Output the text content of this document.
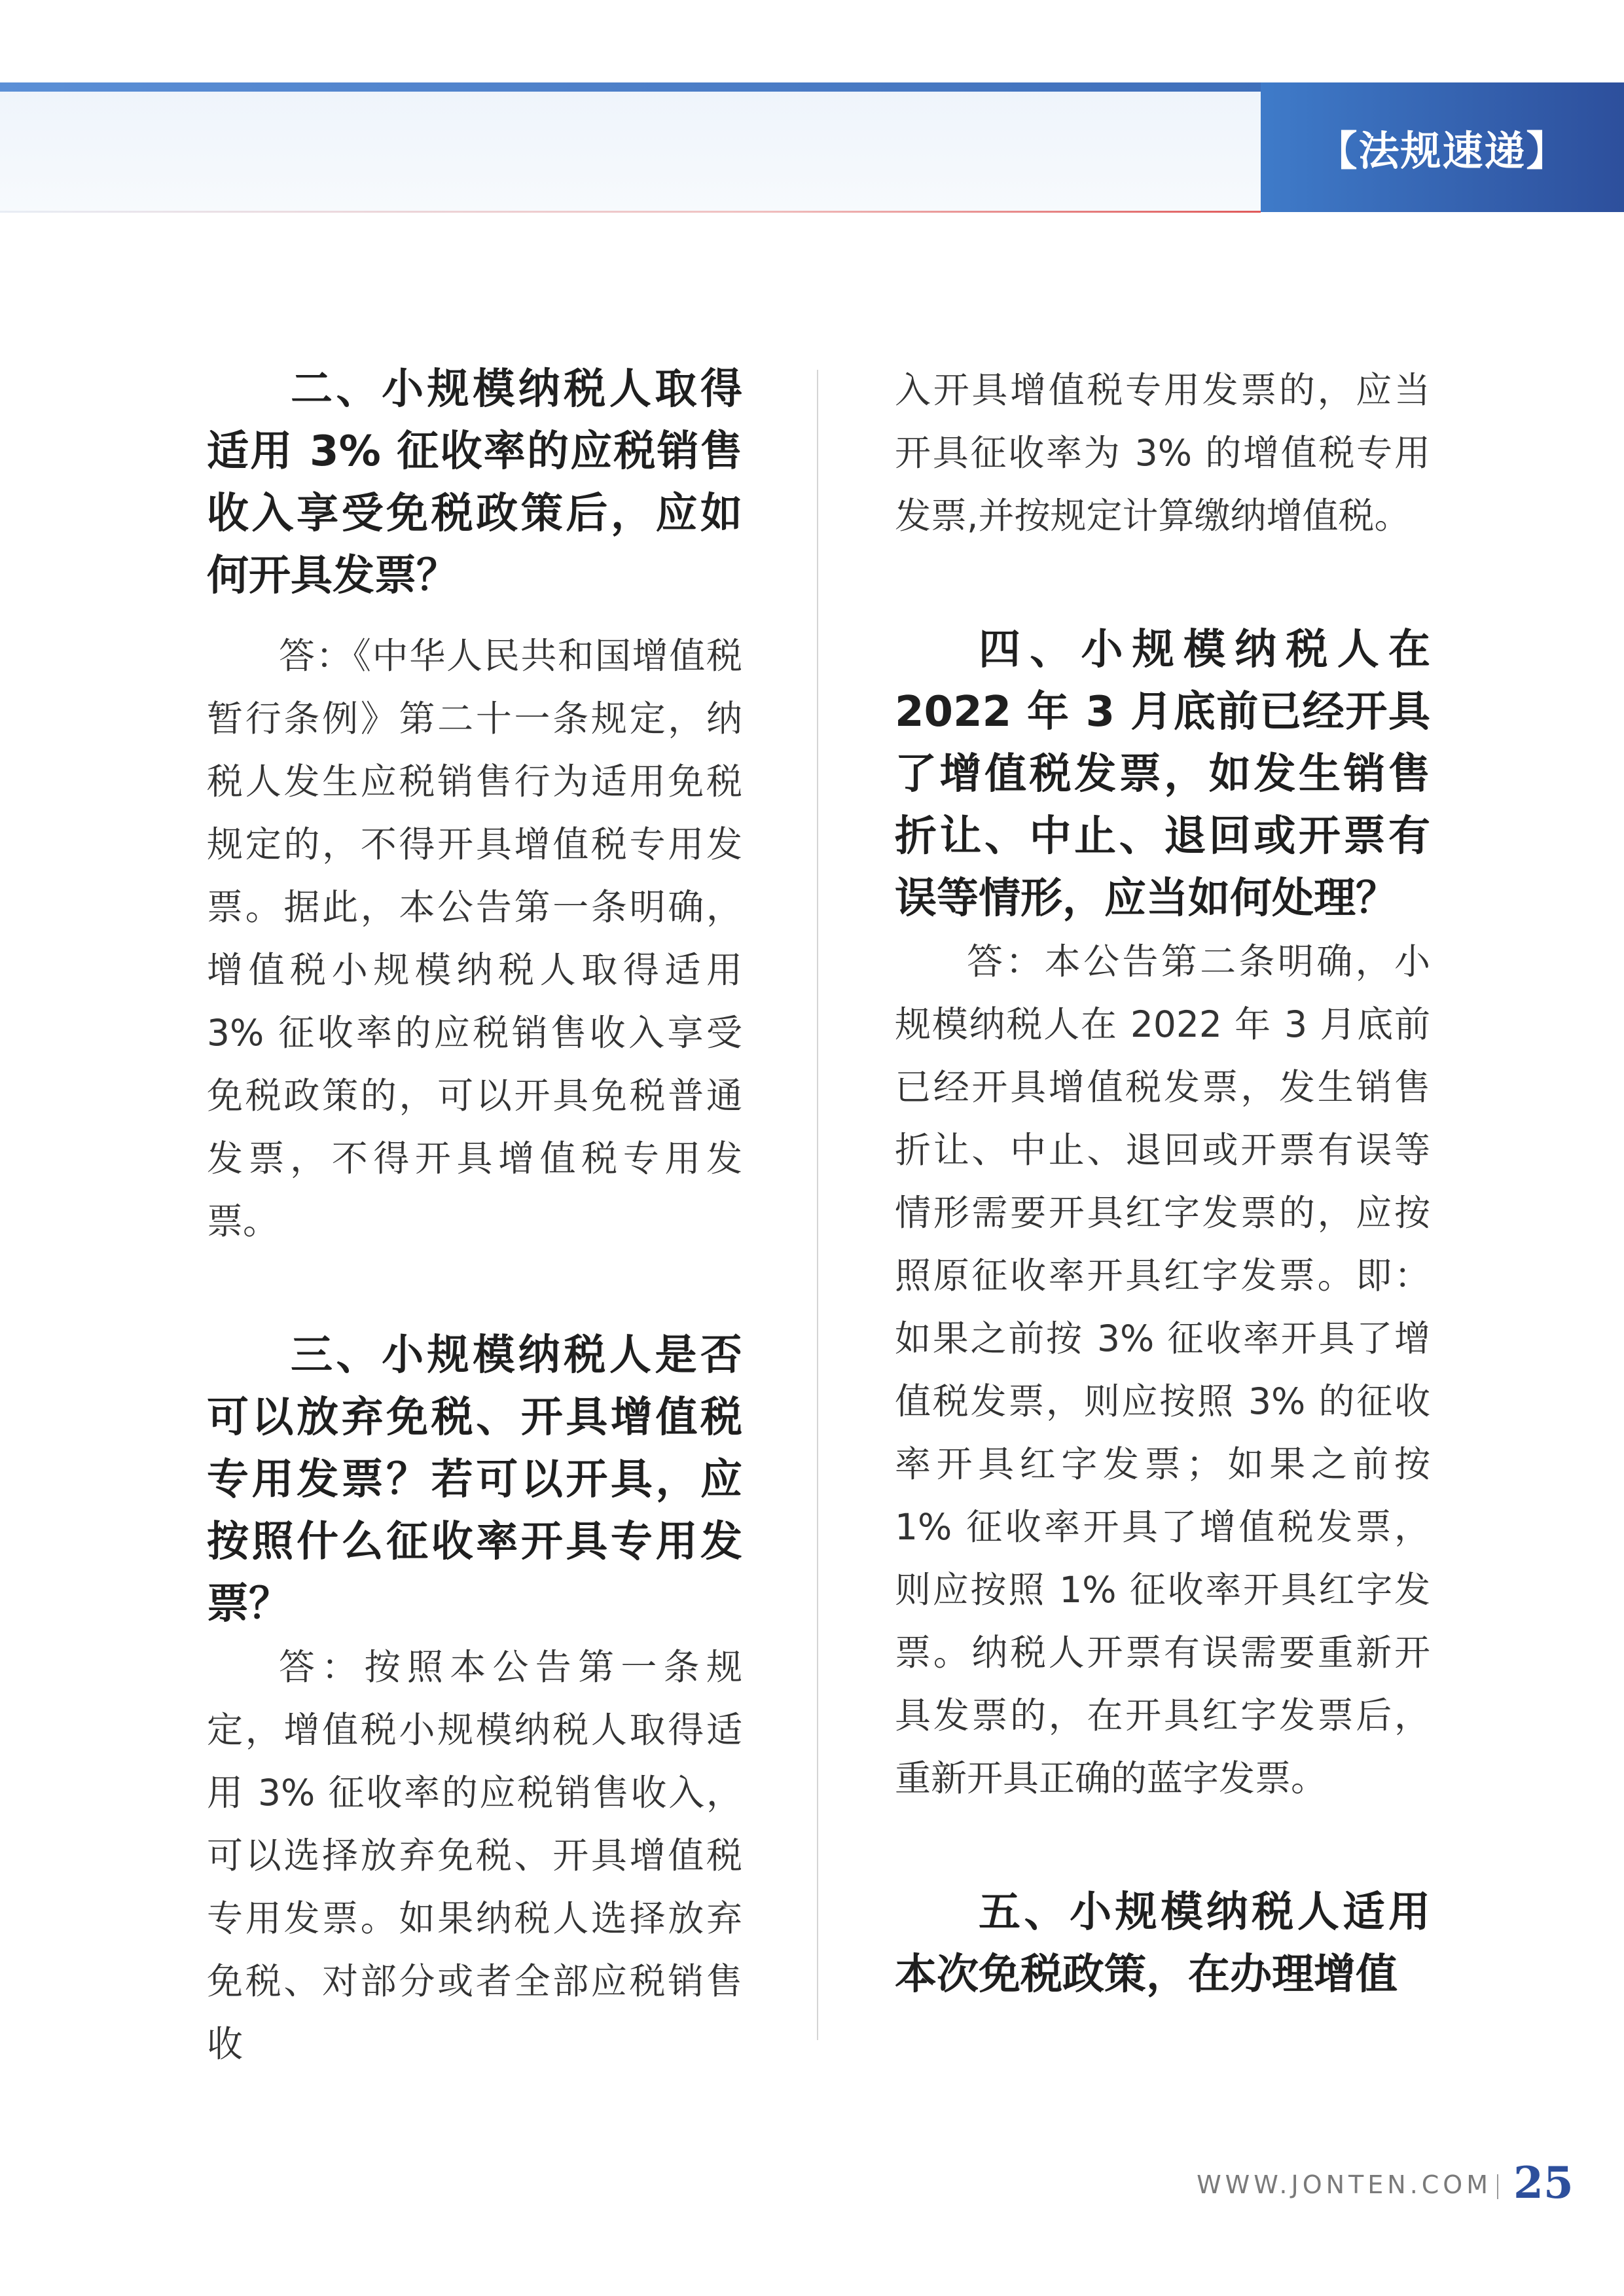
【法规速递】

二、小规模纳税人取得适用 3% 征收率的应税销售收入享受免税政策后，应如何开具发票？

答：《中华人民共和国增值税暂行条例》第二十一条规定，纳税人发生应税销售行为适用免税规定的，不得开具增值税专用发票。据此，本公告第一条明确，增值税小规模纳税人取得适用 3% 征收率的应税销售收入享受免税政策的，可以开具免税普通发票，不得开具增值税专用发票。

三、小规模纳税人是否可以放弃免税、开具增值税专用发票？若可以开具，应按照什么征收率开具专用发票？

答：按照本公告第一条规定，增值税小规模纳税人取得适用 3% 征收率的应税销售收入，可以选择放弃免税、开具增值税专用发票。如果纳税人选择放弃免税、对部分或者全部应税销售收

入开具增值税专用发票的，应当开具征收率为 3% 的增值税专用发票,并按规定计算缴纳增值税。

四、小规模纳税人在 2022 年 3 月底前已经开具了增值税发票，如发生销售折让、中止、退回或开票有误等情形，应当如何处理？

答：本公告第二条明确，小规模纳税人在 2022 年 3 月底前已经开具增值税发票，发生销售折让、中止、退回或开票有误等情形需要开具红字发票的，应按照原征收率开具红字发票。即：如果之前按 3% 征收率开具了增值税发票，则应按照 3% 的征收率开具红字发票；如果之前按 1% 征收率开具了增值税发票，则应按照 1% 征收率开具红字发票。纳税人开票有误需要重新开具发票的，在开具红字发票后，重新开具正确的蓝字发票。

五、小规模纳税人适用本次免税政策，在办理增值

WWW.JONTEN.COM 25
